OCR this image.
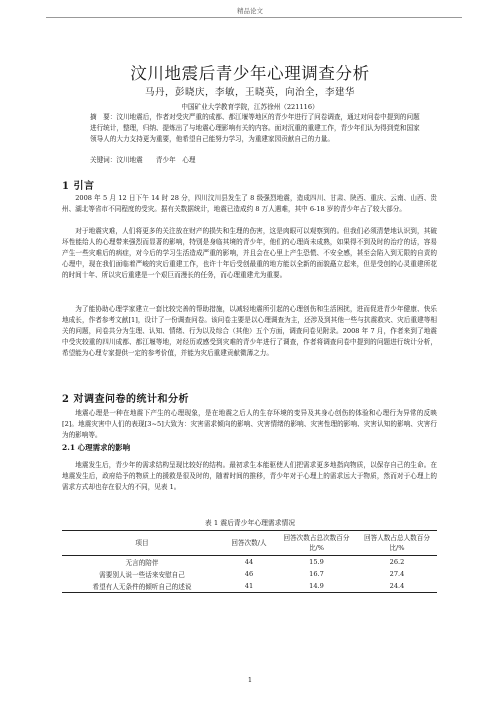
精品论文
汶川地震后青少年心理调查分析
马丹，彭晓庆，李敏，王晓英，向治全，李建华
中国矿业大学教育学院，江苏徐州（221116）

摘　要：汶川地震后，作者对受灾严重的成都、都江堰等地区的青少年进行了问卷调查，通过对问卷中提到的问题进行统计，整理，归纳、提炼出了与地震心理影响有关的内容。面对沉重的重建工作，青少年们认为得到党和国家领导人的大力支持更为重要，他希望自己能努力学习，为重建家园贡献自己的力量。

关键词：汶川地震　　青少年　心理

1 引言

2008 年 5 月 12 日下午 14 时 28 分，四川汶川县发生了 8 级强烈地震，造成四川、甘肃、陕西、重庆、云南、山西、贵州、湖北等省市不同程度的受灾。据有关数据统计，地震已造成约 8 万人遇难，其中 6-18 岁的青少年占了较大部分。

对于地震灾难，人们将更多的关注放在财产的损失和生理的伤害，这是肉眼可以观察到的。但我们必须清楚地认识到，其破坏性能给人的心理带来强烈而显著的影响，特别是身临其境的青少年，他们的心理尚未成熟，如果得不到及时的治疗的话，容易产生一些灾难后的病症，对今后的学习生活造成严重的影响，并且会在心里上产生恐慌、不安全感，甚至会陷入到无限的自责的心理中，现在我们面临着严峻的灾后重建工作，也许十年后受创最重的地方能以全新的面貌矗立起来，但是受创的心灵重建所花的时间十年、所以灾后重建是一个艰巨而漫长的任务，而心理重建尤为重要。

为了能协助心理学家建立一套比较完善的帮助措施，以减轻地震所引起的心理创伤和生活困扰，进而促进青少年健康、快乐地成长，作者参考文献[1]，设计了一份调查问卷。该问卷主要是以心理调查为主，还涉及到其他一些与抗震救灾、灾后重建等相关的问题，问卷共分为生理、认知、情绪、行为以及综合（其他）五个方面，调查问卷见附录。2008 年 7 月，作者来到了地震中受灾较重的四川成都、都江堰等地，对经历或感受到灾难的青少年进行了调查，作者将调查问卷中提到的问题进行统计分析，希望能为心理专家提供一定的参考价值，并能为灾后重建贡献微薄之力。

2 对调查问卷的统计和分析

地震心理是一种在地震下产生的心理现象，是在地震之后人的生存环境的变异及其身心创伤的体验和心理行为异常的反映[2]。地震灾害中人们的表现[3~5]大致为：灾害需求倾向的影响、灾害情绪的影响、灾害性理的影响、灾害认知的影响、灾害行为的影响等。

2.1 心理需求的影响

地震发生后，青少年的需求结构呈现比较好的结构。最初求生本能驱使人们把需求更多地指向物质，以保存自己的生命。在地震发生后，政府给予的物质上的援救是很及时的，随着时间的推移，青少年对于心理上的需求远大于物质，然而对于心理上的需求方式却也存在很大的不同，见表 1。

表 1 震后青少年心理需求情况
项目	回答次数/人	回答次数占总次数百分比/%	回答人数占总人数百分比/%
无言的陪伴	44	15.9	26.2
需要别人说一些话来安慰自己	46	16.7	27.4
希望有人无条件的倾听自己的述说	41	14.9	24.4
1
